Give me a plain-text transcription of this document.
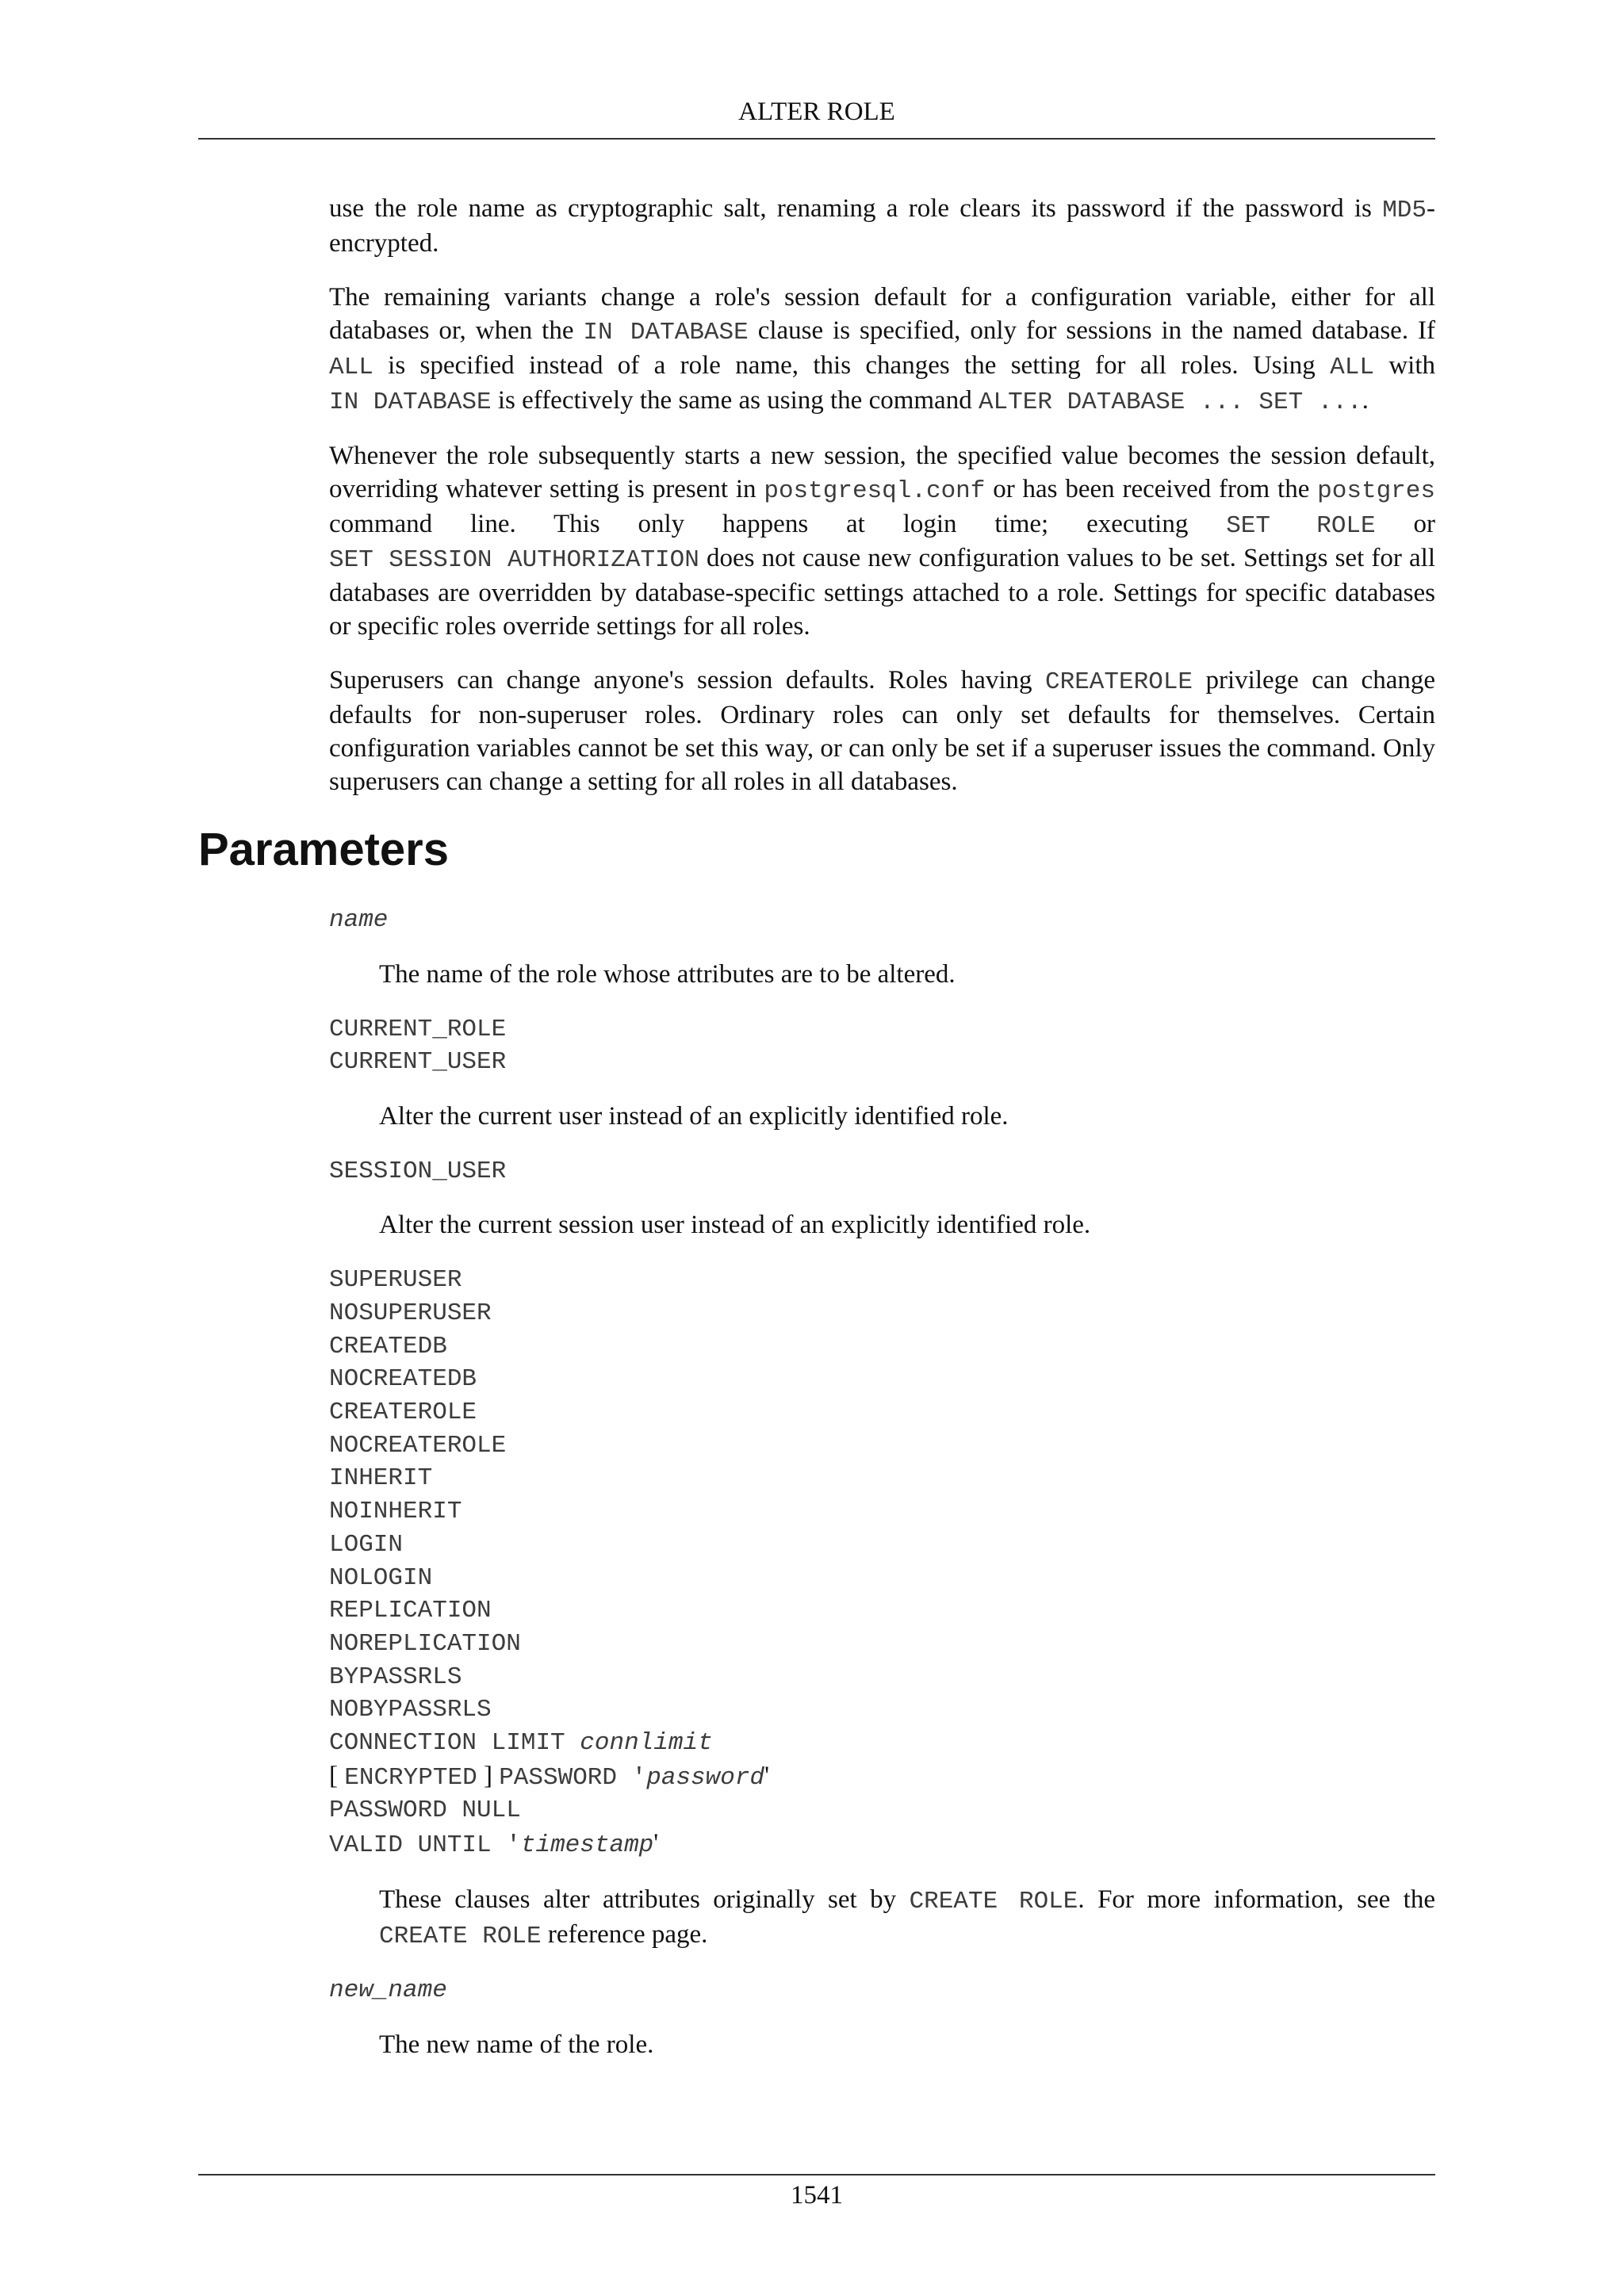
ALTER ROLE

use the role name as cryptographic salt, renaming a role clears its password if the password is MD5-encrypted.

The remaining variants change a role's session default for a configuration variable, either for all databases or, when the IN DATABASE clause is specified, only for sessions in the named database. If ALL is specified instead of a role name, this changes the setting for all roles. Using ALL with IN DATABASE is effectively the same as using the command ALTER DATABASE ... SET ....

Whenever the role subsequently starts a new session, the specified value becomes the session default, overriding whatever setting is present in postgresql.conf or has been received from the postgres command line. This only happens at login time; executing SET ROLE or SET SESSION AUTHORIZATION does not cause new configuration values to be set. Settings set for all databases are overridden by database-specific settings attached to a role. Settings for specific databases or specific roles override settings for all roles.

Superusers can change anyone's session defaults. Roles having CREATEROLE privilege can change defaults for non-superuser roles. Ordinary roles can only set defaults for themselves. Certain configuration variables cannot be set this way, or can only be set if a superuser issues the command. Only superusers can change a setting for all roles in all databases.

Parameters
name

The name of the role whose attributes are to be altered.

CURRENT_ROLE
CURRENT_USER

Alter the current user instead of an explicitly identified role.

SESSION_USER

Alter the current session user instead of an explicitly identified role.

SUPERUSER
NOSUPERUSER
CREATEDB
NOCREATEDB
CREATEROLE
NOCREATEROLE
INHERIT
NOINHERIT
LOGIN
NOLOGIN
REPLICATION
NOREPLICATION
BYPASSRLS
NOBYPASSRLS
CONNECTION LIMIT connlimit
[ ENCRYPTED ] PASSWORD 'password'
PASSWORD NULL
VALID UNTIL 'timestamp'

These clauses alter attributes originally set by CREATE ROLE. For more information, see the CREATE ROLE reference page.

new_name

The new name of the role.

1541
